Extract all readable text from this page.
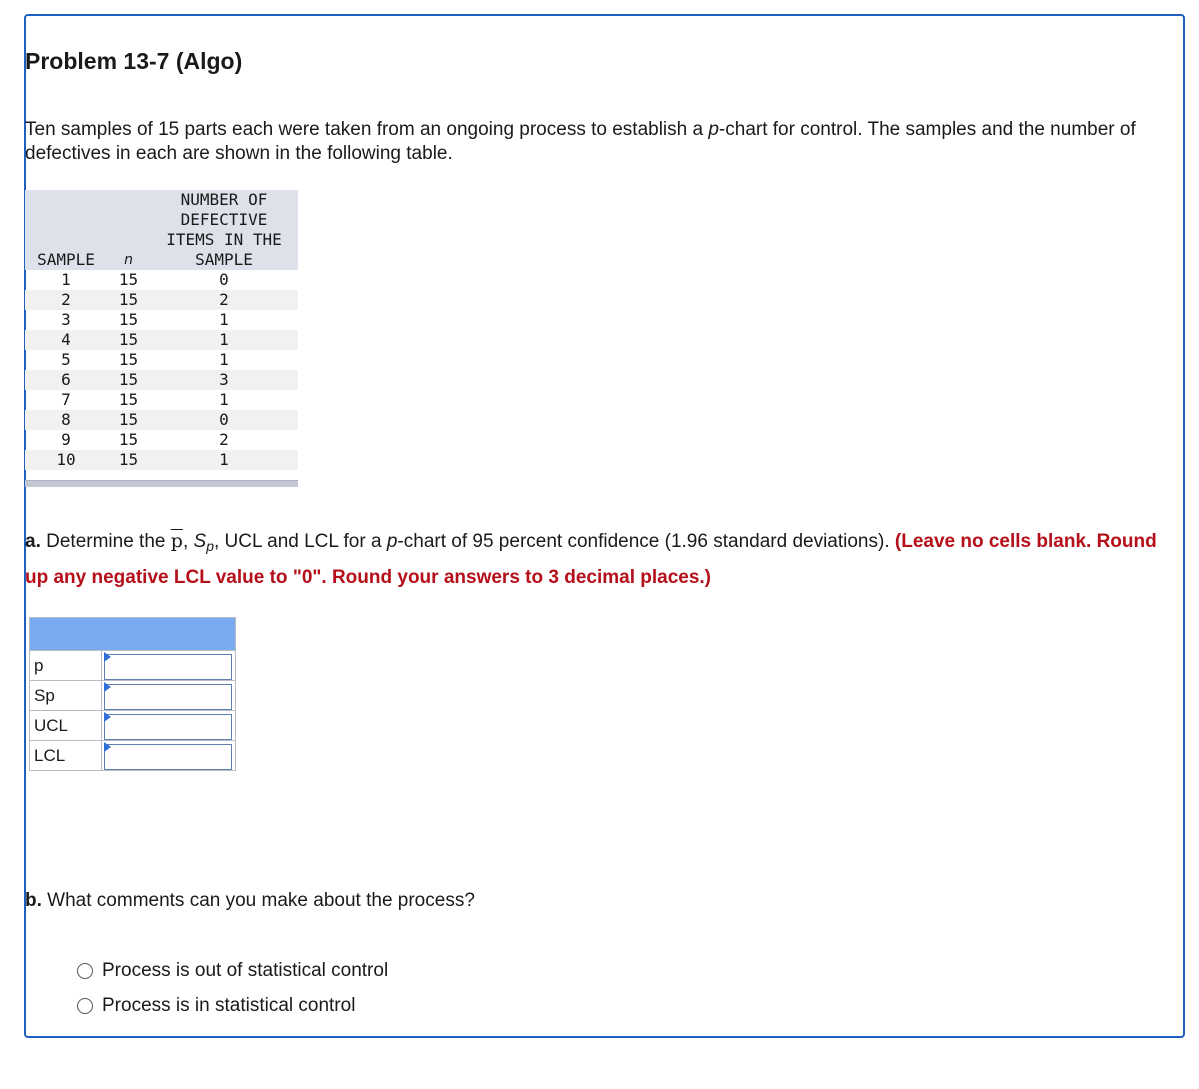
Problem 13-7 (Algo)
Ten samples of 15 parts each were taken from an ongoing process to establish a p-chart for control. The samples and the number of defectives in each are shown in the following table.
SAMPLE	n	NUMBER OF DEFECTIVE ITEMS IN THE SAMPLE

1	15	0
2	15	2
3	15	1
4	15	1
5	15	1
6	15	3
7	15	1
8	15	0
9	15	2
10	15	1

a. Determine the $\overline{p}$, $S_p$, UCL and LCL for a p-chart of 95 percent confidence (1.96 standard deviations). (Leave no cells blank. Round up any negative LCL value to "0". Round your answers to 3 decimal places.)

p	

Sp	

UCL	

LCL	
b. What comments can you make about the process?
Process is out of statistical control
Process is in statistical control
